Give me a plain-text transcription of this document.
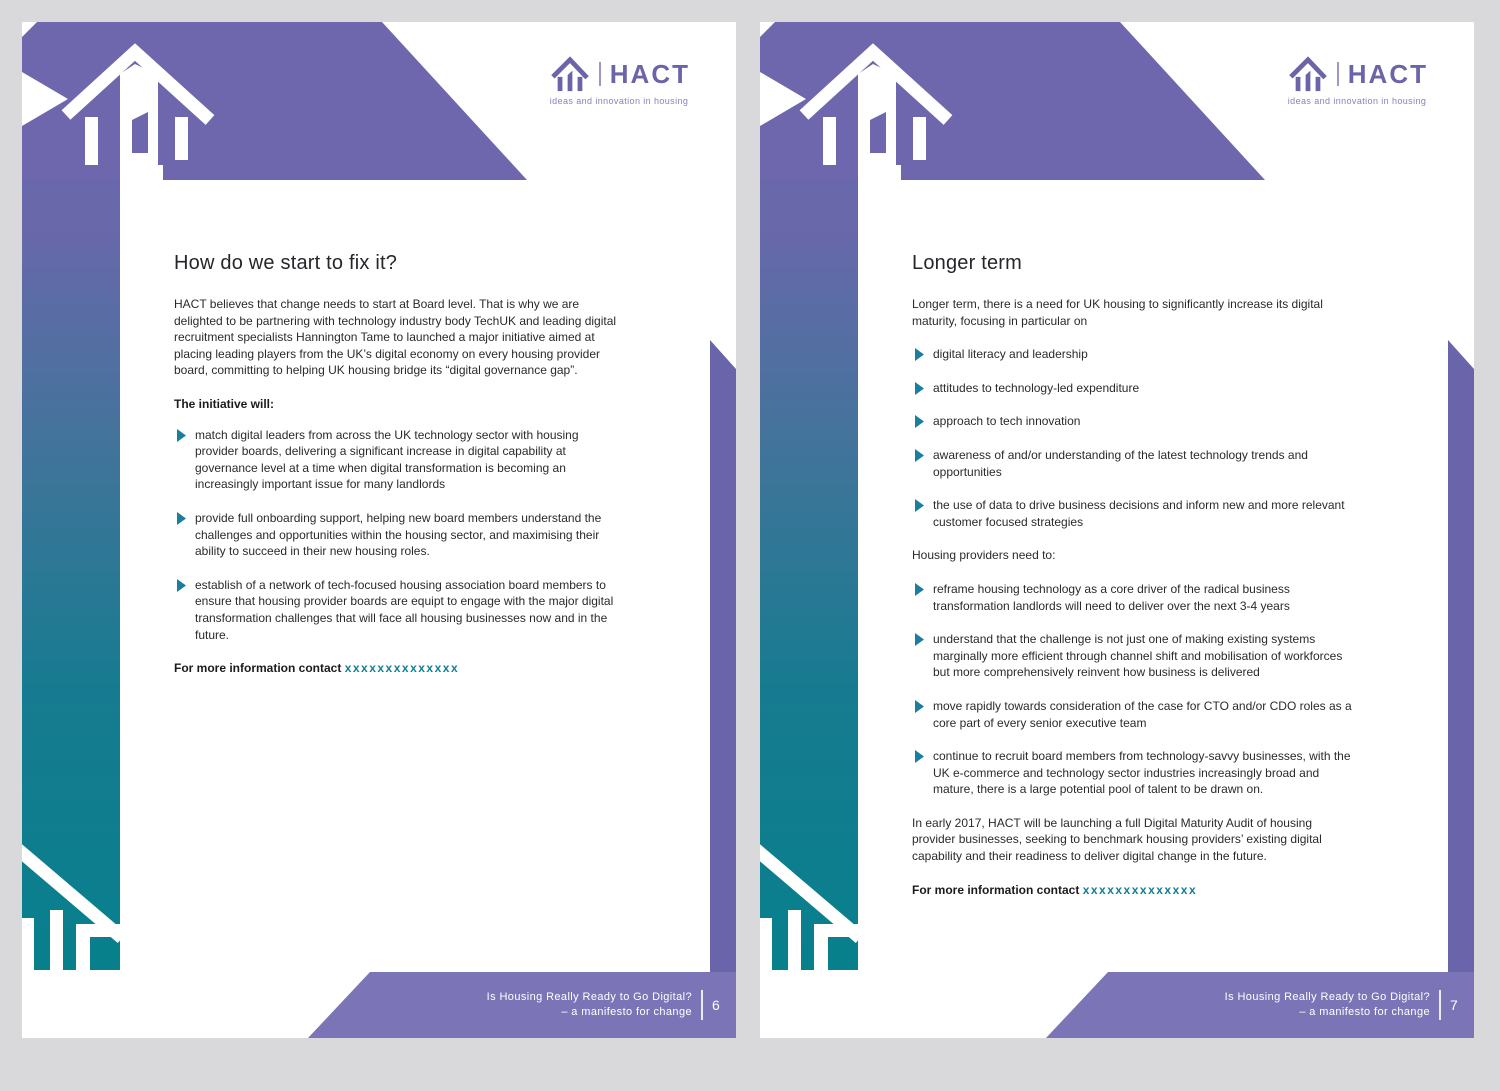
HACT
ideas and innovation in housing
How do we start to fix it?

HACT believes that change needs to start at Board level. That is why we are delighted to be partnering with technology industry body TechUK and leading digital recruitment specialists Hannington Tame to launched a major initiative aimed at placing leading players from the UK’s digital economy on every housing provider board, committing to helping UK housing bridge its “digital governance gap”.

The initiative will:

match digital leaders from across the UK technology sector with housing provider boards, delivering a significant increase in digital capability at governance level at a time when digital transformation is becoming an increasingly important issue for many landlords
provide full onboarding support, helping new board members understand the challenges and opportunities within the housing sector, and maximising their ability to succeed in their new housing roles.
establish of a network of tech-focused housing association board members to ensure that housing provider boards are equipt to engage with the major digital transformation challenges that will face all housing businesses now and in the future.

For more information contact xxxxxxxxxxxxxx

Is Housing Really Ready to Go Digital?
– a manifesto for change 6
HACT
ideas and innovation in housing
Longer term

Longer term, there is a need for UK housing to significantly increase its digital maturity, focusing in particular on

digital literacy and leadership
attitudes to technology-led expenditure
approach to tech innovation
awareness of and/or understanding of the latest technology trends and opportunities
the use of data to drive business decisions and inform new and more relevant customer focused strategies

Housing providers need to:

reframe housing technology as a core driver of the radical business transformation landlords will need to deliver over the next 3-4 years
understand that the challenge is not just one of making existing systems marginally more efficient through channel shift and mobilisation of workforces but more comprehensively reinvent how business is delivered
move rapidly towards consideration of the case for CTO and/or CDO roles as a core part of every senior executive team
continue to recruit board members from technology-savvy businesses, with the UK e-commerce and technology sector industries increasingly broad and mature, there is a large potential pool of talent to be drawn on.

In early 2017, HACT will be launching a full Digital Maturity Audit of housing provider businesses, seeking to benchmark housing providers’ existing digital capability and their readiness to deliver digital change in the future.

For more information contact xxxxxxxxxxxxxx

Is Housing Really Ready to Go Digital?
– a manifesto for change 7
